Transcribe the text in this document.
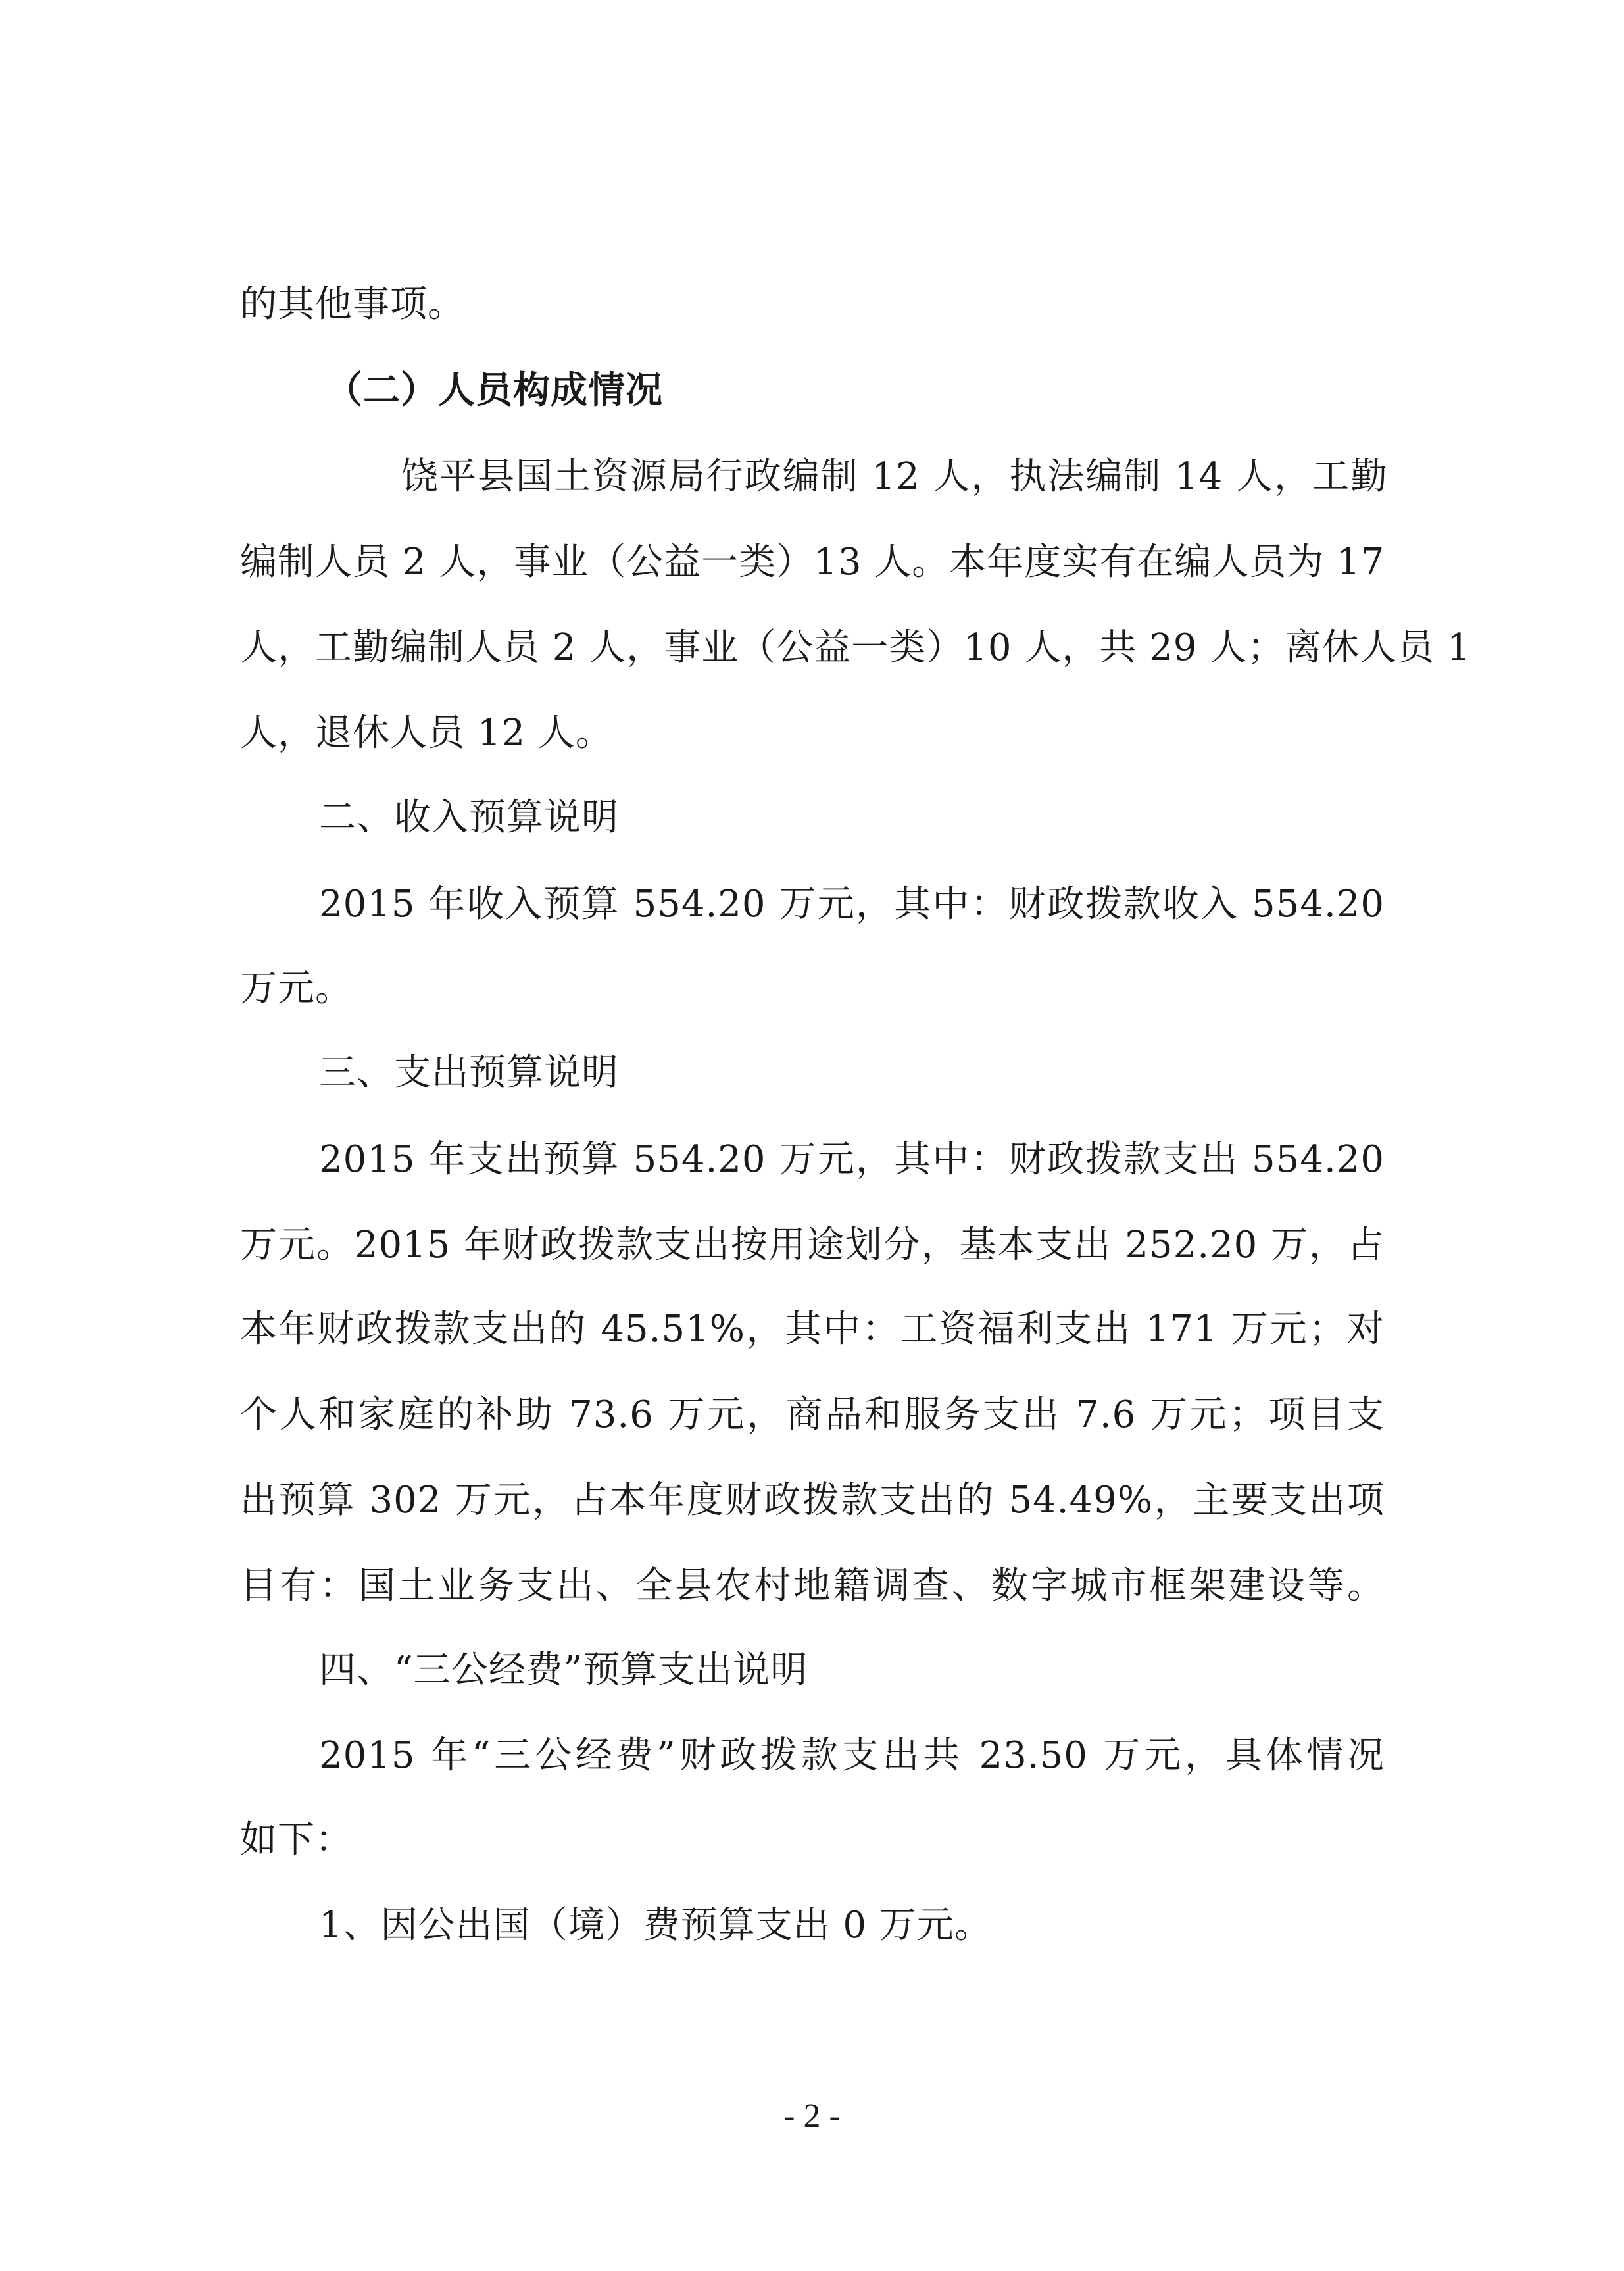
的其他事项。
（二）人员构成情况
饶平县国土资源局行政编制 12 人，执法编制 14 人，工勤
编制人员 2 人，事业（公益一类）13 人。本年度实有在编人员为 17
人，工勤编制人员 2 人，事业（公益一类）10 人，共 29 人；离休人员 1
人，退休人员 12 人。
二、收入预算说明
2015 年收入预算 554.20 万元，其中：财政拨款收入 554.20
万元。
三、支出预算说明
2015 年支出预算 554.20 万元，其中：财政拨款支出 554.20
万元。2015 年财政拨款支出按用途划分，基本支出 252.20 万，占
本年财政拨款支出的 45.51%，其中：工资福利支出 171 万元；对
个人和家庭的补助 73.6 万元，商品和服务支出 7.6 万元；项目支
出预算 302 万元，占本年度财政拨款支出的 54.49%，主要支出项
目有：国土业务支出、全县农村地籍调查、数字城市框架建设等。
四、“三公经费”预算支出说明
2015 年“三公经费”财政拨款支出共 23.50 万元，具体情况
如下：
1、因公出国（境）费预算支出 0 万元。
- 2 -
